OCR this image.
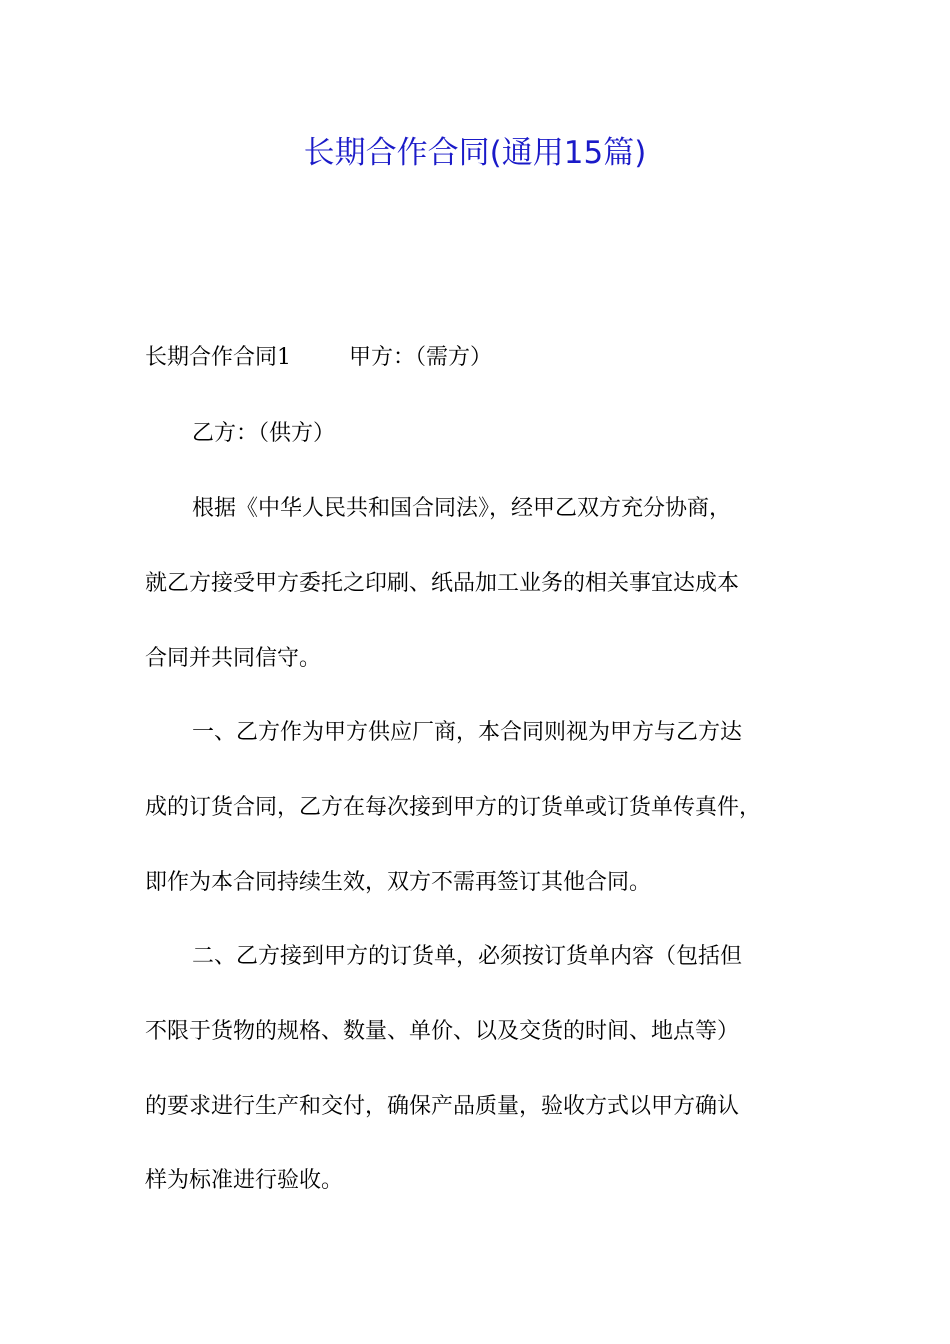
长期合作合同(通用15篇)

长期合作合同1	甲方：（需方）

乙方：（供方）

根据《中华人民共和国合同法》，经甲乙双方充分协商，

就乙方接受甲方委托之印刷、纸品加工业务的相关事宜达成本

合同并共同信守。

一、乙方作为甲方供应厂商，本合同则视为甲方与乙方达

成的订货合同，乙方在每次接到甲方的订货单或订货单传真件，

即作为本合同持续生效，双方不需再签订其他合同。

二、乙方接到甲方的订货单，必须按订货单内容（包括但

不限于货物的规格、数量、单价、以及交货的时间、地点等）

的要求进行生产和交付，确保产品质量，验收方式以甲方确认

样为标准进行验收。
